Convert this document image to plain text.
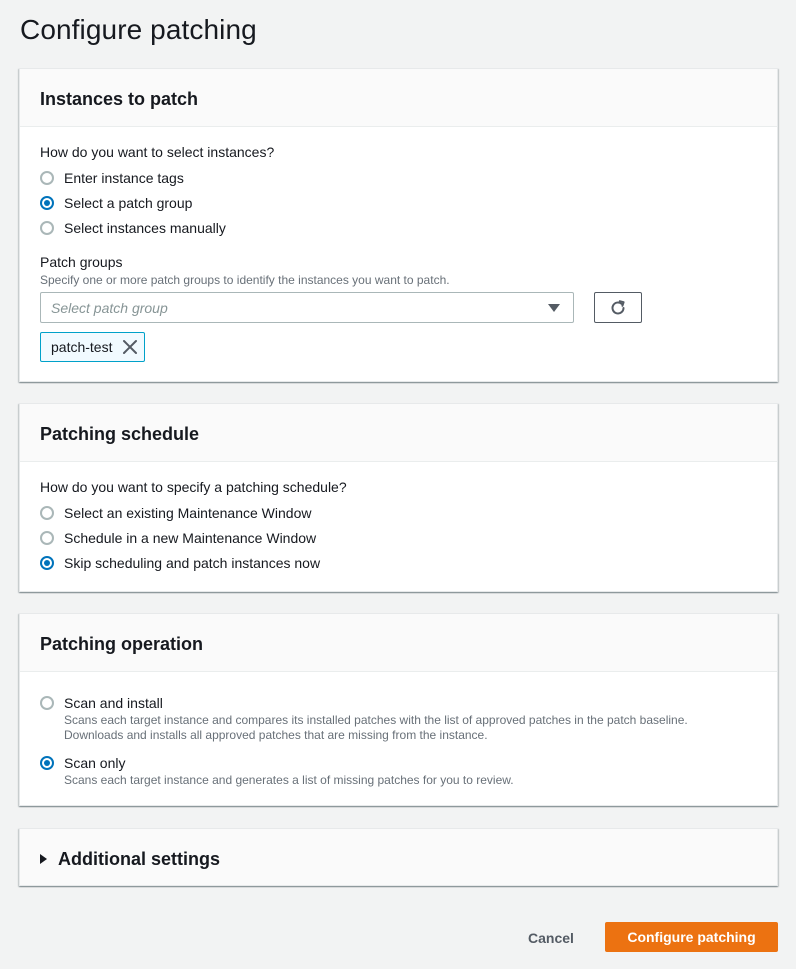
Configure patching
Instances to patch
How do you want to select instances?
Enter instance tags
Select a patch group
Select instances manually
Patch groups
Specify one or more patch groups to identify the instances you want to patch.
Select patch group
patch-test
Patching schedule
How do you want to specify a patching schedule?
Select an existing Maintenance Window
Schedule in a new Maintenance Window
Skip scheduling and patch instances now
Patching operation
Scan and install
Scans each target instance and compares its installed patches with the list of approved patches in the patch baseline.
Downloads and installs all approved patches that are missing from the instance.
Scan only
Scans each target instance and generates a list of missing patches for you to review.
Additional settings
Cancel	Configure patching
